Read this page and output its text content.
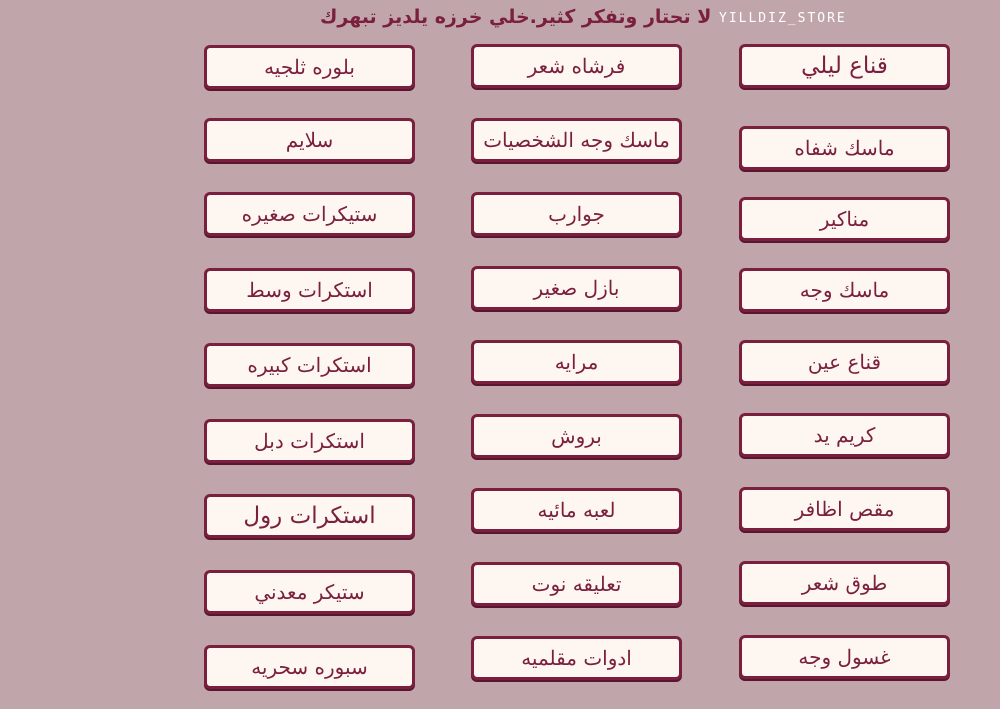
لا تحتار وتفكر كثير.خلي خرزه يلديز تبهرك YILLDIZ_STORE
بلوره ثلجيه
سلايم
ستيكرات صغيره
استكرات وسط
استكرات كبيره
استكرات دبل
استكرات رول
ستيكر معدني
سبوره سحريه
فرشاه شعر
ماسك وجه الشخصيات
جوارب
بازل صغير
مرايه
بروش
لعبه مائيه
تعليقه نوت
ادوات مقلميه
قناع ليلي
ماسك شفاه
مناكير
ماسك وجه
قناع عين
كريم يد
مقص اظافر
طوق شعر
غسول وجه
